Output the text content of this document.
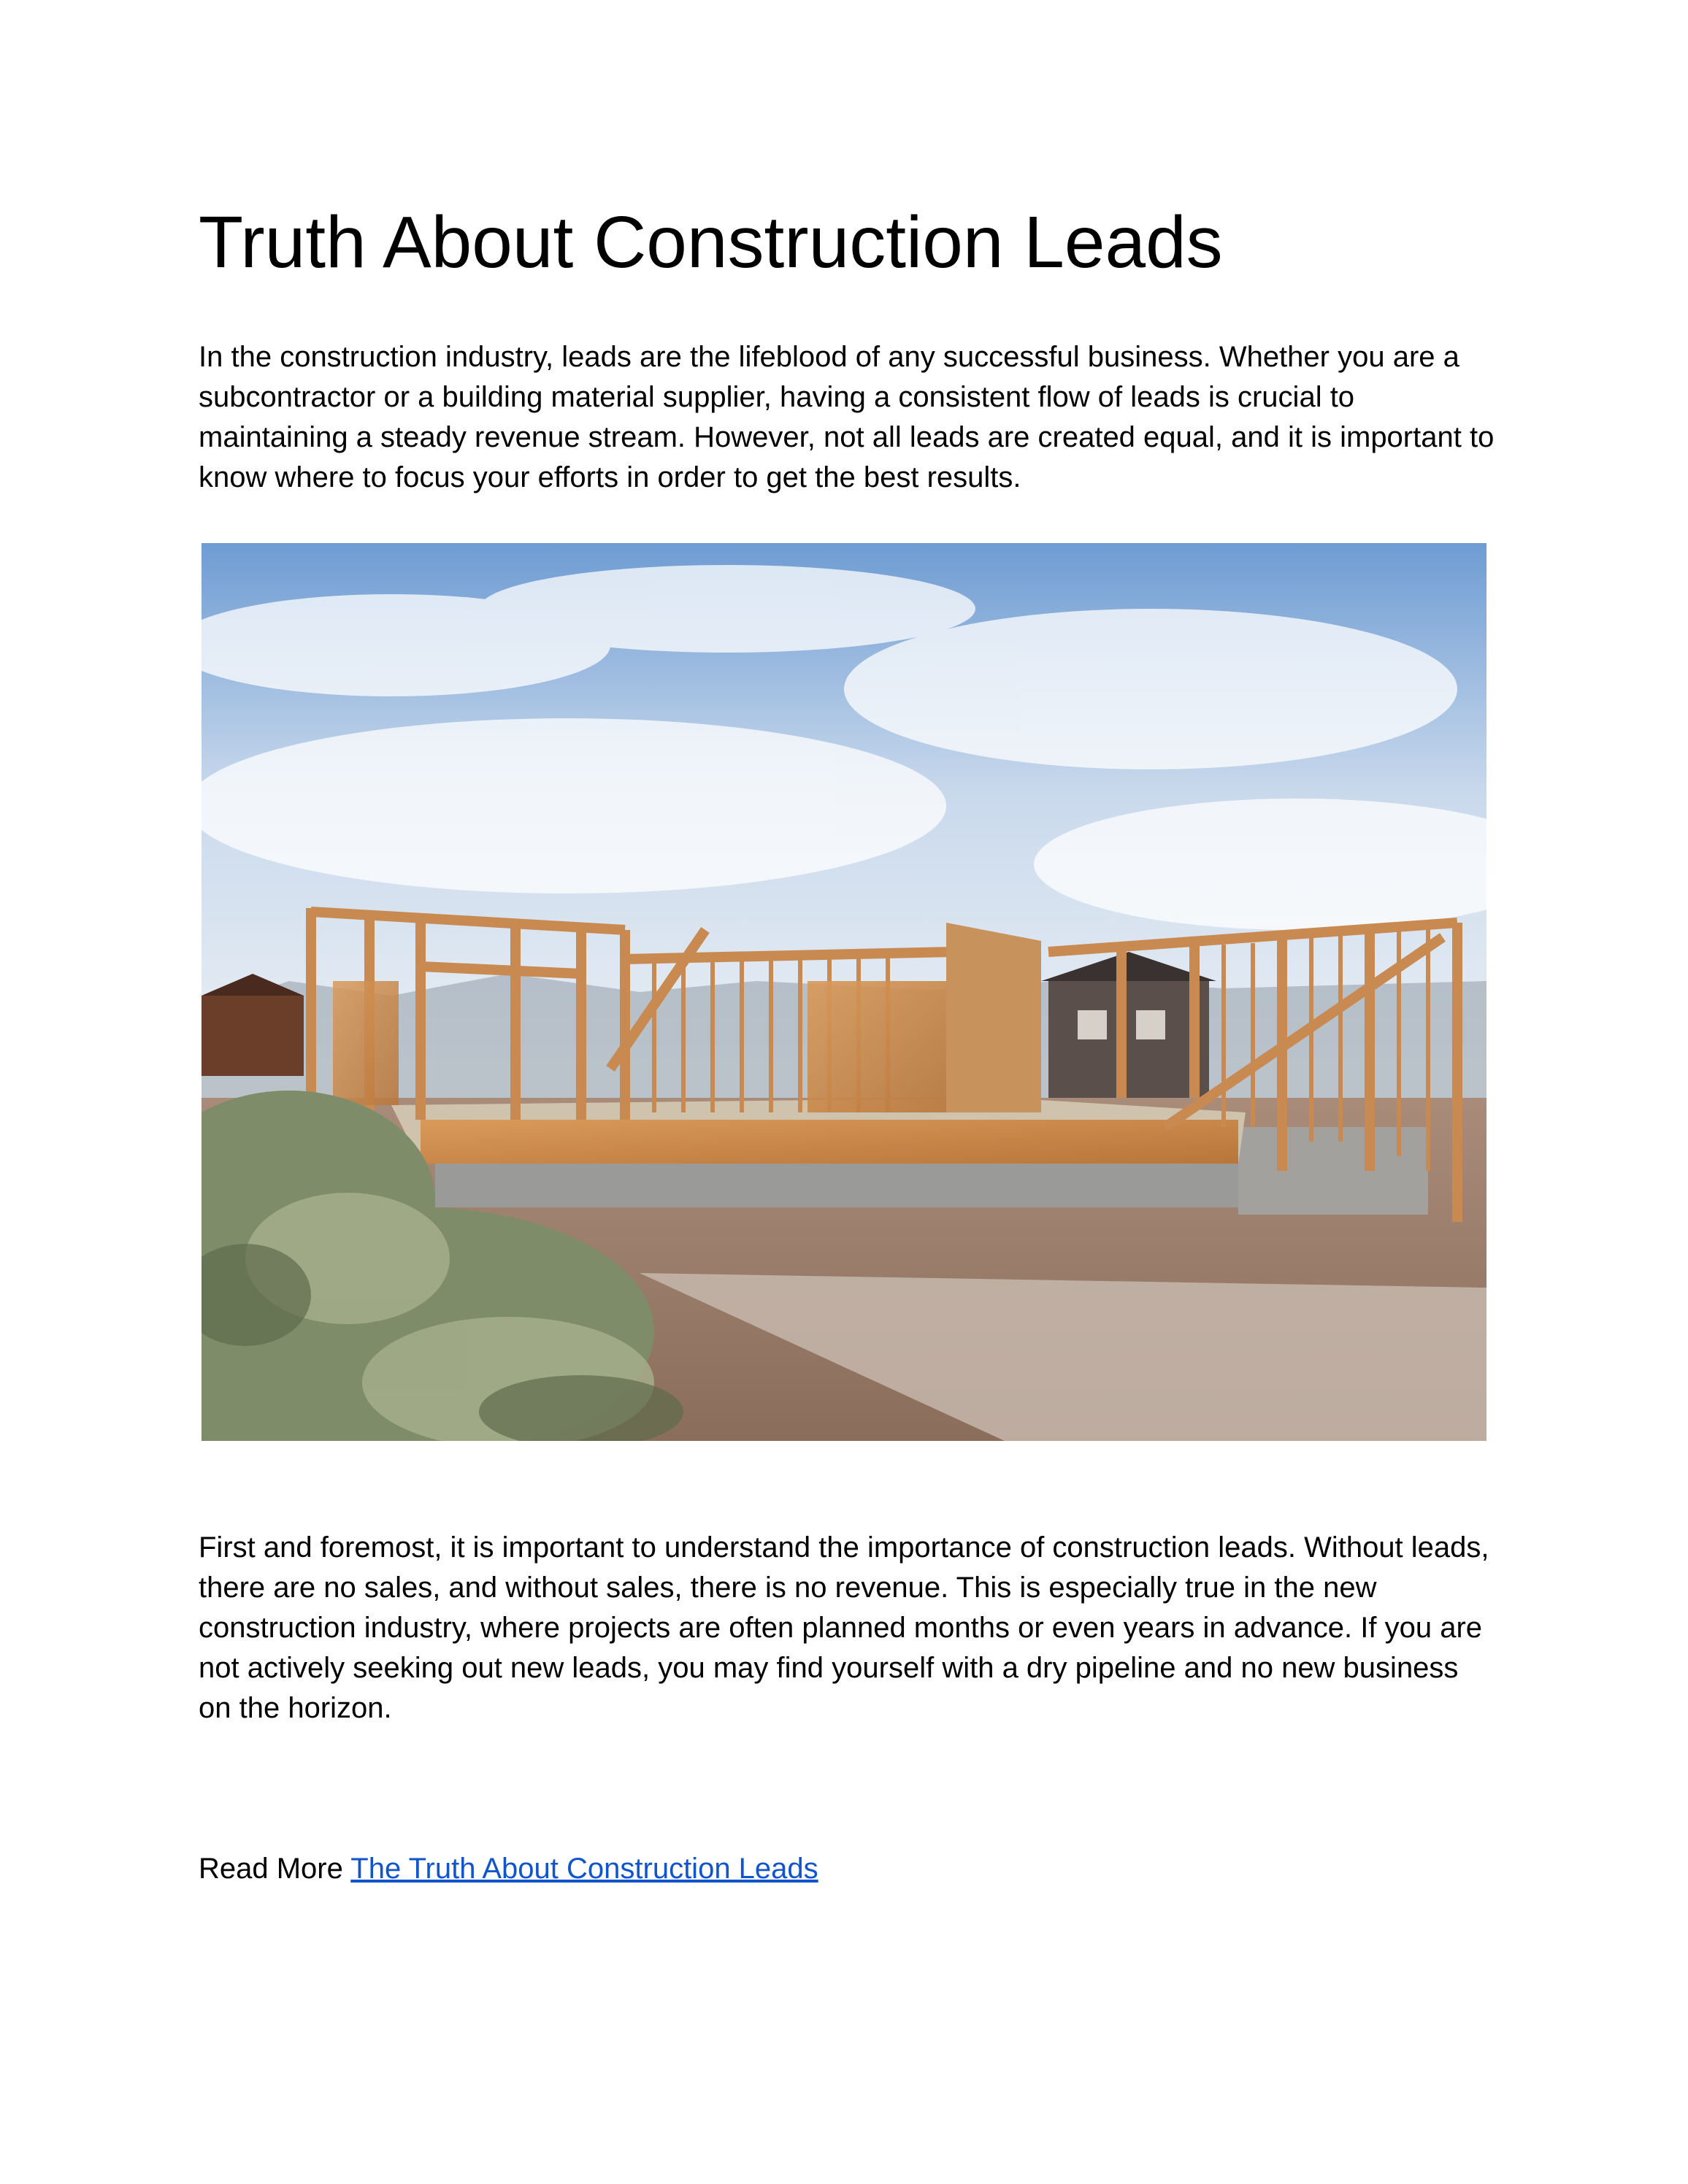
Truth About Construction Leads

In the construction industry, leads are the lifeblood of any successful business. Whether you are a subcontractor or a building material supplier, having a consistent flow of leads is crucial to maintaining a steady revenue stream. However, not all leads are created equal, and it is important to know where to focus your efforts in order to get the best results.

First and foremost, it is important to understand the importance of construction leads. Without leads, there are no sales, and without sales, there is no revenue. This is especially true in the new construction industry, where projects are often planned months or even years in advance. If you are not actively seeking out new leads, you may find yourself with a dry pipeline and no new business on the horizon.

Read More The Truth About Construction Leads
